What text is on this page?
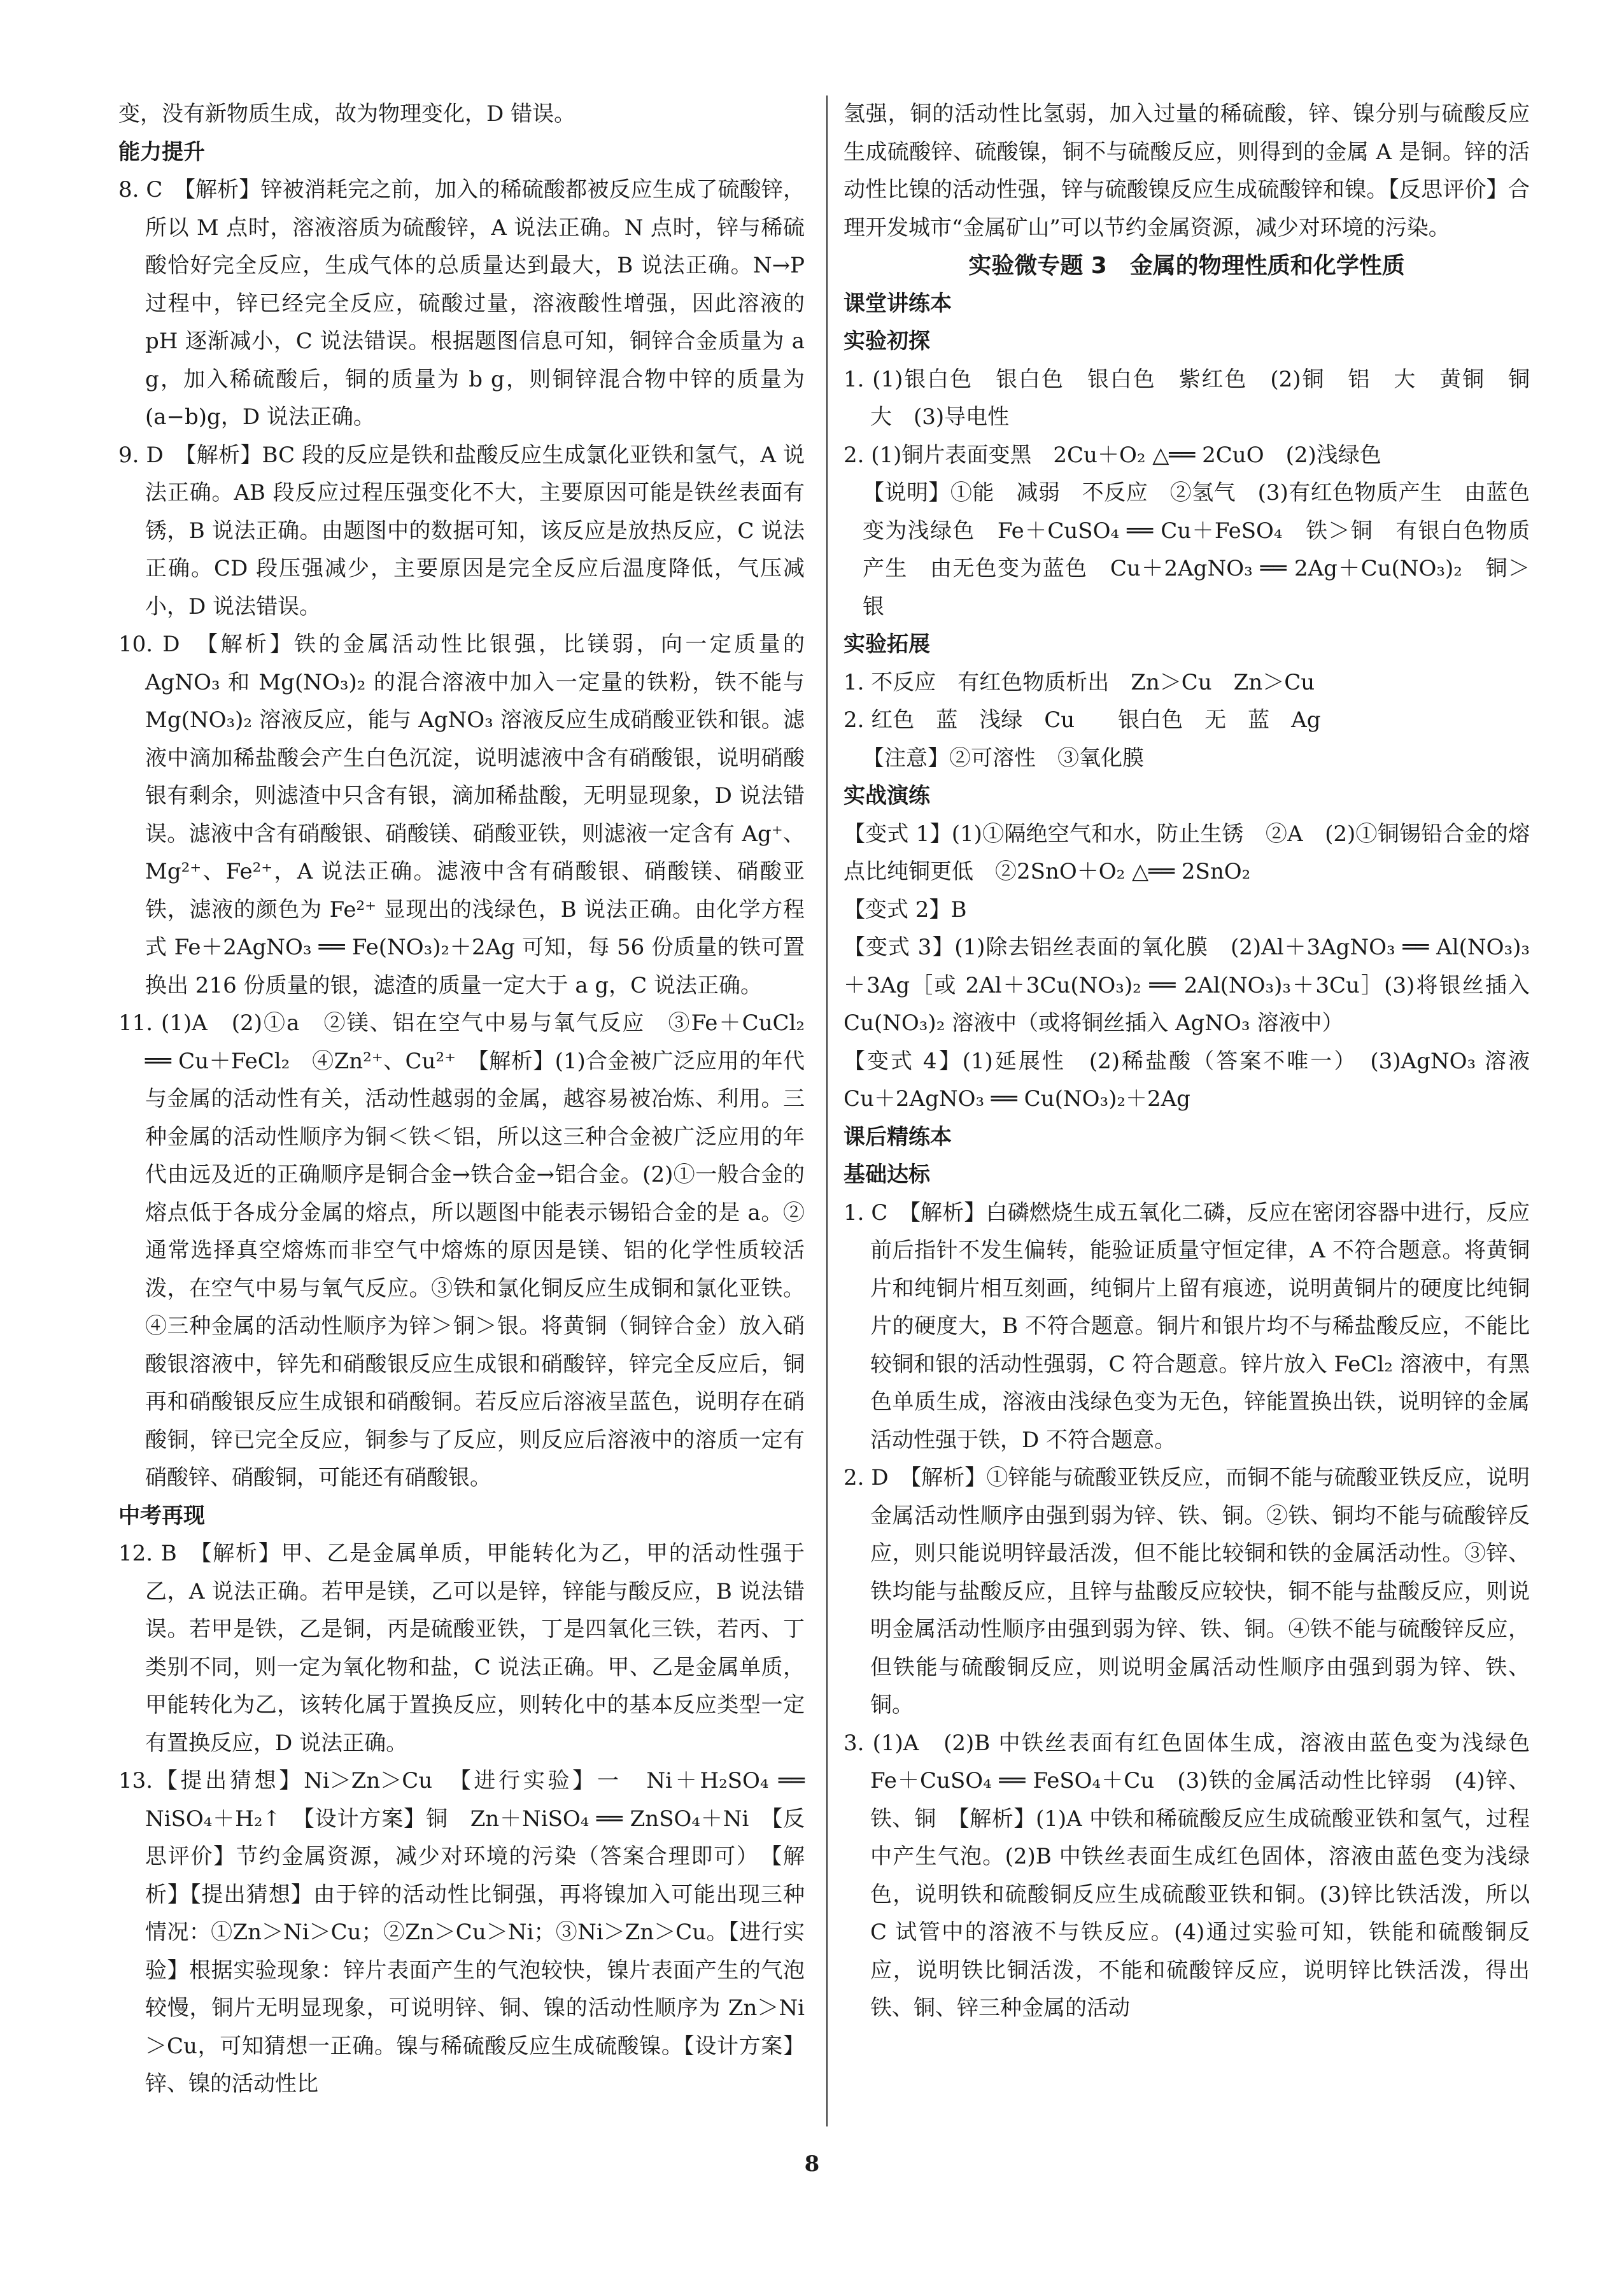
变，没有新物质生成，故为物理变化，D 错误。

能力提升

8. C　【解析】锌被消耗完之前，加入的稀硫酸都被反应生成了硫酸锌，所以 M 点时，溶液溶质为硫酸锌，A 说法正确。N 点时，锌与稀硫酸恰好完全反应，生成气体的总质量达到最大，B 说法正确。N→P 过程中，锌已经完全反应，硫酸过量，溶液酸性增强，因此溶液的 pH 逐渐减小，C 说法错误。根据题图信息可知，铜锌合金质量为 a g，加入稀硫酸后，铜的质量为 b g，则铜锌混合物中锌的质量为(a−b)g，D 说法正确。

9. D　【解析】BC 段的反应是铁和盐酸反应生成氯化亚铁和氢气，A 说法正确。AB 段反应过程压强变化不大，主要原因可能是铁丝表面有锈，B 说法正确。由题图中的数据可知，该反应是放热反应，C 说法正确。CD 段压强减少，主要原因是完全反应后温度降低，气压减小，D 说法错误。

10. D　【解析】铁的金属活动性比银强，比镁弱，向一定质量的 AgNO₃ 和 Mg(NO₃)₂ 的混合溶液中加入一定量的铁粉，铁不能与 Mg(NO₃)₂ 溶液反应，能与 AgNO₃ 溶液反应生成硝酸亚铁和银。滤液中滴加稀盐酸会产生白色沉淀，说明滤液中含有硝酸银，说明硝酸银有剩余，则滤渣中只含有银，滴加稀盐酸，无明显现象，D 说法错误。滤液中含有硝酸银、硝酸镁、硝酸亚铁，则滤液一定含有 Ag⁺、Mg²⁺、Fe²⁺，A 说法正确。滤液中含有硝酸银、硝酸镁、硝酸亚铁，滤液的颜色为 Fe²⁺ 显现出的浅绿色，B 说法正确。由化学方程式 Fe＋2AgNO₃ ══ Fe(NO₃)₂＋2Ag 可知，每 56 份质量的铁可置换出 216 份质量的银，滤渣的质量一定大于 a g，C 说法正确。

11. (1)A　(2)①a　②镁、铝在空气中易与氧气反应　③Fe＋CuCl₂ ══ Cu＋FeCl₂　④Zn²⁺、Cu²⁺　【解析】(1)合金被广泛应用的年代与金属的活动性有关，活动性越弱的金属，越容易被冶炼、利用。三种金属的活动性顺序为铜＜铁＜铝，所以这三种合金被广泛应用的年代由远及近的正确顺序是铜合金→铁合金→铝合金。(2)①一般合金的熔点低于各成分金属的熔点，所以题图中能表示锡铅合金的是 a。②通常选择真空熔炼而非空气中熔炼的原因是镁、铝的化学性质较活泼，在空气中易与氧气反应。③铁和氯化铜反应生成铜和氯化亚铁。④三种金属的活动性顺序为锌＞铜＞银。将黄铜（铜锌合金）放入硝酸银溶液中，锌先和硝酸银反应生成银和硝酸锌，锌完全反应后，铜再和硝酸银反应生成银和硝酸铜。若反应后溶液呈蓝色，说明存在硝酸铜，锌已完全反应，铜参与了反应，则反应后溶液中的溶质一定有硝酸锌、硝酸铜，可能还有硝酸银。

中考再现

12. B　【解析】甲、乙是金属单质，甲能转化为乙，甲的活动性强于乙，A 说法正确。若甲是镁，乙可以是锌，锌能与酸反应，B 说法错误。若甲是铁，乙是铜，丙是硫酸亚铁，丁是四氧化三铁，若丙、丁类别不同，则一定为氧化物和盐，C 说法正确。甲、乙是金属单质，甲能转化为乙，该转化属于置换反应，则转化中的基本反应类型一定有置换反应，D 说法正确。

13.【提出猜想】Ni＞Zn＞Cu　【进行实验】一　Ni＋H₂SO₄ ══ NiSO₄＋H₂↑　【设计方案】铜　Zn＋NiSO₄ ══ ZnSO₄＋Ni　【反思评价】节约金属资源，减少对环境的污染（答案合理即可）　【解析】【提出猜想】由于锌的活动性比铜强，再将镍加入可能出现三种情况：①Zn＞Ni＞Cu；②Zn＞Cu＞Ni；③Ni＞Zn＞Cu。【进行实验】根据实验现象：锌片表面产生的气泡较快，镍片表面产生的气泡较慢，铜片无明显现象，可说明锌、铜、镍的活动性顺序为 Zn＞Ni＞Cu，可知猜想一正确。镍与稀硫酸反应生成硫酸镍。【设计方案】锌、镍的活动性比

氢强，铜的活动性比氢弱，加入过量的稀硫酸，锌、镍分别与硫酸反应生成硫酸锌、硫酸镍，铜不与硫酸反应，则得到的金属 A 是铜。锌的活动性比镍的活动性强，锌与硫酸镍反应生成硫酸锌和镍。【反思评价】合理开发城市“金属矿山”可以节约金属资源，减少对环境的污染。

实验微专题 3　金属的物理性质和化学性质

课堂讲练本

实验初探

1. (1)银白色　银白色　银白色　紫红色　(2)铜　铝　大　黄铜　铜　大　(3)导电性

2. (1)铜片表面变黑　2Cu＋O₂ △══ 2CuO　(2)浅绿色

【说明】①能　减弱　不反应　②氢气　(3)有红色物质产生　由蓝色变为浅绿色　Fe＋CuSO₄ ══ Cu＋FeSO₄　铁＞铜　有银白色物质产生　由无色变为蓝色　Cu＋2AgNO₃ ══ 2Ag＋Cu(NO₃)₂　铜＞银

实验拓展

1. 不反应　有红色物质析出　Zn＞Cu　Zn＞Cu

2. 红色　蓝　浅绿　Cu　　银白色　无　蓝　Ag

【注意】②可溶性　③氧化膜

实战演练

【变式 1】(1)①隔绝空气和水，防止生锈　②A　(2)①铜锡铅合金的熔点比纯铜更低　②2SnO＋O₂ △══ 2SnO₂

【变式 2】B

【变式 3】(1)除去铝丝表面的氧化膜　(2)Al＋3AgNO₃ ══ Al(NO₃)₃＋3Ag［或 2Al＋3Cu(NO₃)₂ ══ 2Al(NO₃)₃＋3Cu］(3)将银丝插入 Cu(NO₃)₂ 溶液中（或将铜丝插入 AgNO₃ 溶液中）

【变式 4】(1)延展性　(2)稀盐酸（答案不唯一）　(3)AgNO₃ 溶液　Cu＋2AgNO₃ ══ Cu(NO₃)₂＋2Ag

课后精练本

基础达标

1. C　【解析】白磷燃烧生成五氧化二磷，反应在密闭容器中进行，反应前后指针不发生偏转，能验证质量守恒定律，A 不符合题意。将黄铜片和纯铜片相互刻画，纯铜片上留有痕迹，说明黄铜片的硬度比纯铜片的硬度大，B 不符合题意。铜片和银片均不与稀盐酸反应，不能比较铜和银的活动性强弱，C 符合题意。锌片放入 FeCl₂ 溶液中，有黑色单质生成，溶液由浅绿色变为无色，锌能置换出铁，说明锌的金属活动性强于铁，D 不符合题意。

2. D　【解析】①锌能与硫酸亚铁反应，而铜不能与硫酸亚铁反应，说明金属活动性顺序由强到弱为锌、铁、铜。②铁、铜均不能与硫酸锌反应，则只能说明锌最活泼，但不能比较铜和铁的金属活动性。③锌、铁均能与盐酸反应，且锌与盐酸反应较快，铜不能与盐酸反应，则说明金属活动性顺序由强到弱为锌、铁、铜。④铁不能与硫酸锌反应，但铁能与硫酸铜反应，则说明金属活动性顺序由强到弱为锌、铁、铜。

3. (1)A　(2)B 中铁丝表面有红色固体生成，溶液由蓝色变为浅绿色　Fe＋CuSO₄ ══ FeSO₄＋Cu　(3)铁的金属活动性比锌弱　(4)锌、铁、铜　【解析】(1)A 中铁和稀硫酸反应生成硫酸亚铁和氢气，过程中产生气泡。(2)B 中铁丝表面生成红色固体，溶液由蓝色变为浅绿色，说明铁和硫酸铜反应生成硫酸亚铁和铜。(3)锌比铁活泼，所以 C 试管中的溶液不与铁反应。(4)通过实验可知，铁能和硫酸铜反应，说明铁比铜活泼，不能和硫酸锌反应，说明锌比铁活泼，得出铁、铜、锌三种金属的活动

8
